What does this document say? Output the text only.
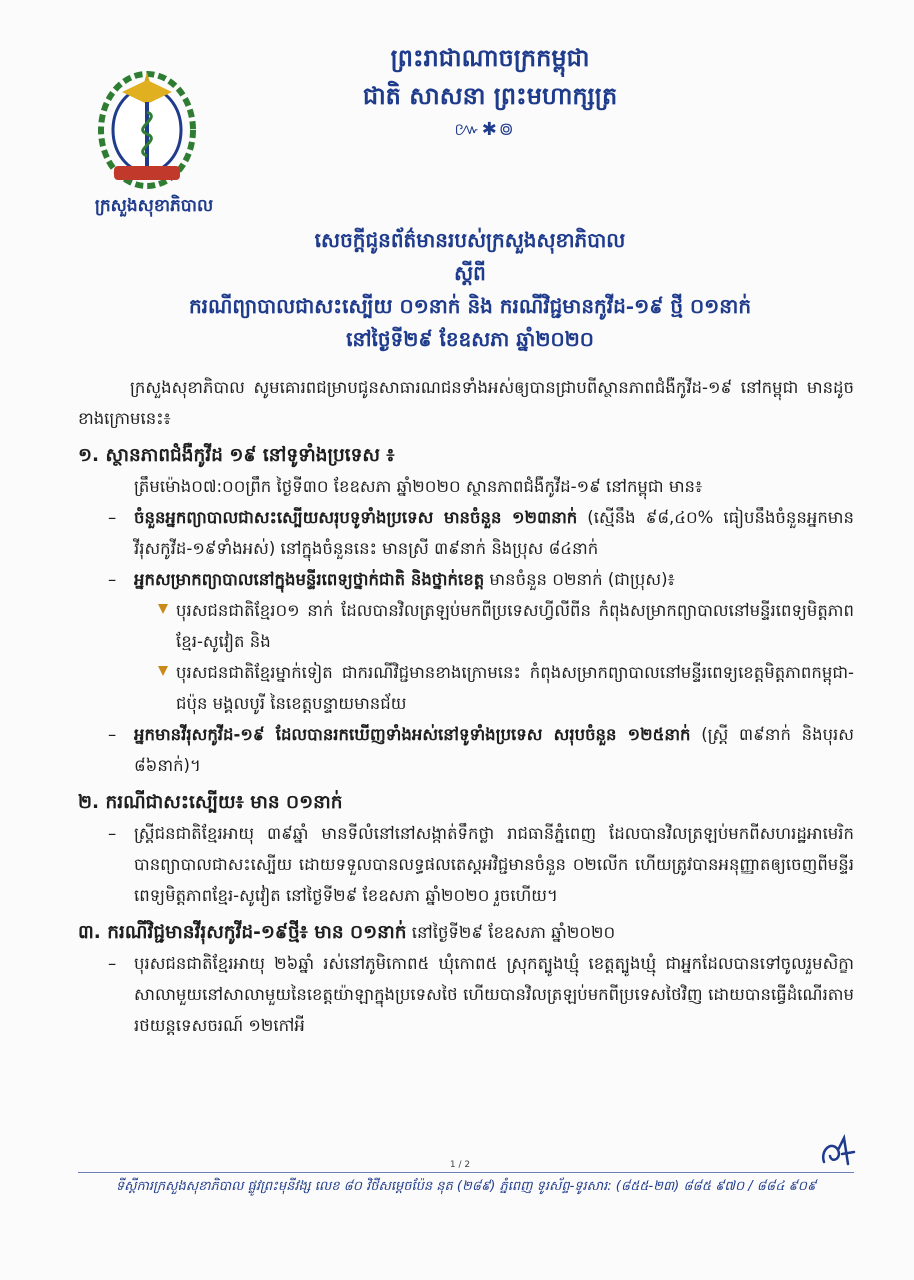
ក្រសួងសុខាភិបាល
ព្រះរាជាណាចក្រកម្ពុជា
ជាតិ សាសនា ព្រះមហាក្សត្រ
៚✱៙
សេចក្តីជូនព័ត៌មានរបស់ក្រសួងសុខាភិបាល
ស្តីពី
ករណីព្យាបាលជាសះស្បើយ ០១នាក់ និង ករណីវិជ្ជមានកូវីដ-១៩ ថ្មី ០១នាក់
នៅថ្ងៃទី២៩ ខែឧសភា ឆ្នាំ២០២០

ក្រសួងសុខាភិបាល សូមគោរពជម្រាបជូនសាធារណជនទាំងអស់ឲ្យបានជ្រាបពីស្ថានភាពជំងឺកូវីដ-១៩ នៅកម្ពុជា មានដូចខាងក្រោមនេះ៖

១. ស្ថានភាពជំងឺកូវីដ ១៩ នៅទូទាំងប្រទេស ៖
ត្រឹមម៉ោង០៧:០០ព្រឹក ថ្ងៃទី៣០ ខែឧសភា ឆ្នាំ២០២០ ស្ថានភាពជំងឺកូវីដ-១៩ នៅកម្ពុជា មាន៖
– ចំនួនអ្នកព្យាបាលជាសះស្បើយសរុបទូទាំងប្រទេស មានចំនួន ១២៣នាក់ (ស្មើនឹង ៩៨,៤០% ធៀបនឹងចំនួនអ្នកមានវីរុសកូវីដ-១៩ទាំងអស់) នៅក្នុងចំនួននេះ មានស្រី ៣៩នាក់ និងប្រុស ៨៤នាក់
– អ្នកសម្រាកព្យាបាលនៅក្នុងមន្ទីរពេទ្យថ្នាក់ជាតិ និងថ្នាក់ខេត្ត មានចំនួន ០២នាក់ (ជាប្រុស)៖
បុរសជនជាតិខ្មែរ០១ នាក់ ដែលបានវិលត្រឡប់មកពីប្រទេសហ្វីលីពីន កំពុងសម្រាកព្យាបាលនៅមន្ទីរពេទ្យមិត្តភាពខ្មែរ-សូវៀត និង
បុរសជនជាតិខ្មែរម្នាក់ទៀត ជាករណីវិជ្ជមានខាងក្រោមនេះ កំពុងសម្រាកព្យាបាលនៅមន្ទីរពេទ្យខេត្តមិត្តភាពកម្ពុជា-ជប៉ុន មង្គលបូរី នៃខេត្តបន្ទាយមានជ័យ
– អ្នកមានវីរុសកូវីដ-១៩ ដែលបានរកឃើញទាំងអស់នៅទូទាំងប្រទេស សរុបចំនួន ១២៥នាក់ (ស្ត្រី ៣៩នាក់ និងបុរស ៨៦នាក់)។
២. ករណីជាសះស្បើយ៖ មាន ០១នាក់
– ស្ត្រីជនជាតិខ្មែរអាយុ ៣៩ឆ្នាំ មានទីលំនៅនៅសង្កាត់ទឹកថ្លា រាជធានីភ្នំពេញ ដែលបានវិលត្រឡប់មកពីសហរដ្ឋអាមេរិក បានព្យាបាលជាសះស្បើយ ដោយទទួលបានលទ្ធផលតេស្តអវិជ្ជមានចំនួន ០២លើក ហើយត្រូវបានអនុញ្ញាតឲ្យចេញពីមន្ទីរពេទ្យមិត្តភាពខ្មែរ-សូវៀត នៅថ្ងៃទី២៩ ខែឧសភា ឆ្នាំ២០២០ រួចហើយ។
៣. ករណីវិជ្ជមានវីរុសកូវីដ-១៩ថ្មី៖ មាន ០១នាក់ នៅថ្ងៃទី២៩ ខែឧសភា ឆ្នាំ២០២០
– បុរសជនជាតិខ្មែរអាយុ ២៦ឆ្នាំ រស់នៅភូមិកោព៥ ឃុំកោព៥ ស្រុកត្បូងឃ្មុំ ខេត្តត្បូងឃ្មុំ ជាអ្នកដែលបានទៅចូលរួមសិក្ខាសាលាមួយនៅសាលាមួយនៃខេត្តយ៉ាឡាក្នុងប្រទេសថៃ ហើយបានវិលត្រឡប់មកពីប្រទេសថៃវិញ ដោយបានធ្វើដំណើរតាមរថយន្តទេសចរណ៍ ១២កៅអី
1 / 2
ទីស្តីការក្រសួងសុខាភិបាល ផ្លូវព្រះមុនីវង្ស លេខ ៨០ វិថីសម្តេចប៉ែន នុត (២៨៩) ភ្នំពេញ ទូរស័ព្ទ-ទូរសារ: (៨៥៥-២៣) ៨៨៥ ៩៧០ / ៨៨៤ ៩០៩
